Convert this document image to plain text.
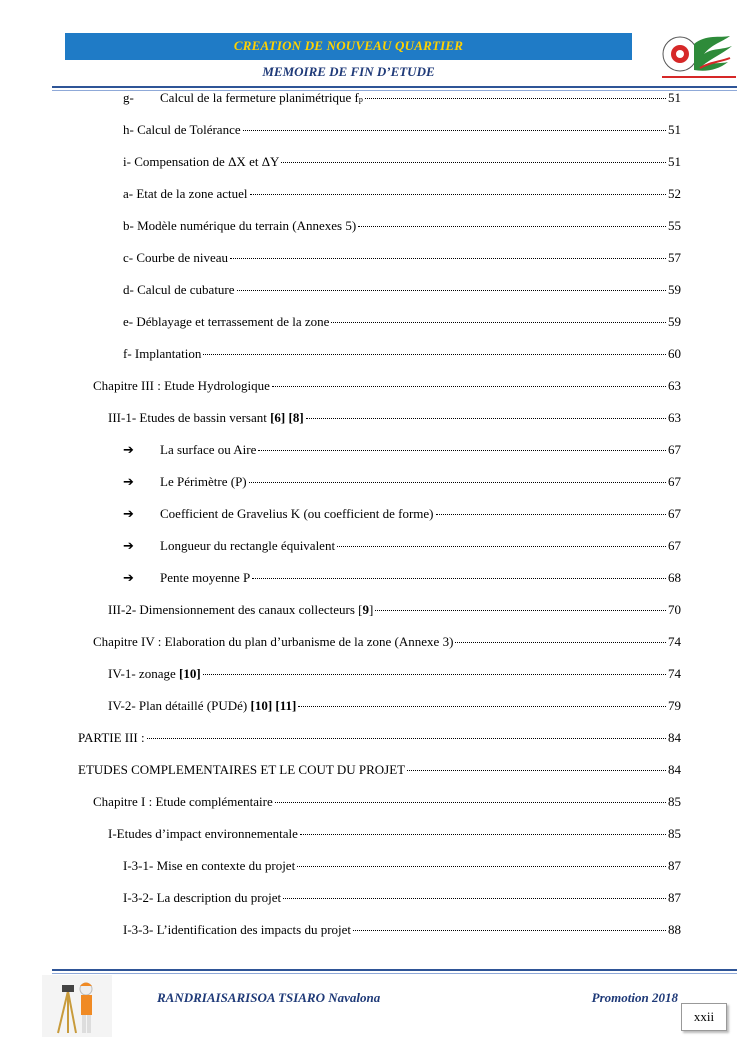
CREATION DE NOUVEAU QUARTIER
MEMOIRE DE FIN D’ETUDE
g-	Calcul de la fermeture planimétrique f p	51
h- Calcul de Tolérance	51
i- Compensation de ΔX et ΔY	51
a- Etat de la zone actuel	52
b- Modèle numérique du terrain (Annexes 5)	55
c- Courbe de niveau	57
d- Calcul de cubature	59
e- Déblayage et terrassement de la zone	59
f- Implantation	60
Chapitre III : Etude Hydrologique	63
III-1- Etudes de bassin versant [6] [8]	63
➔	La surface ou Aire	67
➔	Le Périmètre (P)	67
➔	Coefficient de Gravelius K (ou coefficient de forme)	67
➔	Longueur du rectangle équivalent	67
➔	Pente moyenne P	68
III-2- Dimensionnement des canaux collecteurs [ 9 ]	70
Chapitre IV : Elaboration du plan d’urbanisme de la zone (Annexe 3)	74
IV-1- zonage [10]	74
IV-2- Plan détaillé (PUDé) [10] [11]	79
PARTIE III :	84
ETUDES COMPLEMENTAIRES ET LE COUT DU PROJET	84
Chapitre I : Etude complémentaire	85
I-Etudes d’impact environnementale	85
I-3-1- Mise en contexte du projet	87
I-3-2- La description du projet	87
I-3-3- L’identification des impacts du projet	88
RANDRIAISARISOA TSIARO Navalona	Promotion 2018
xxii
